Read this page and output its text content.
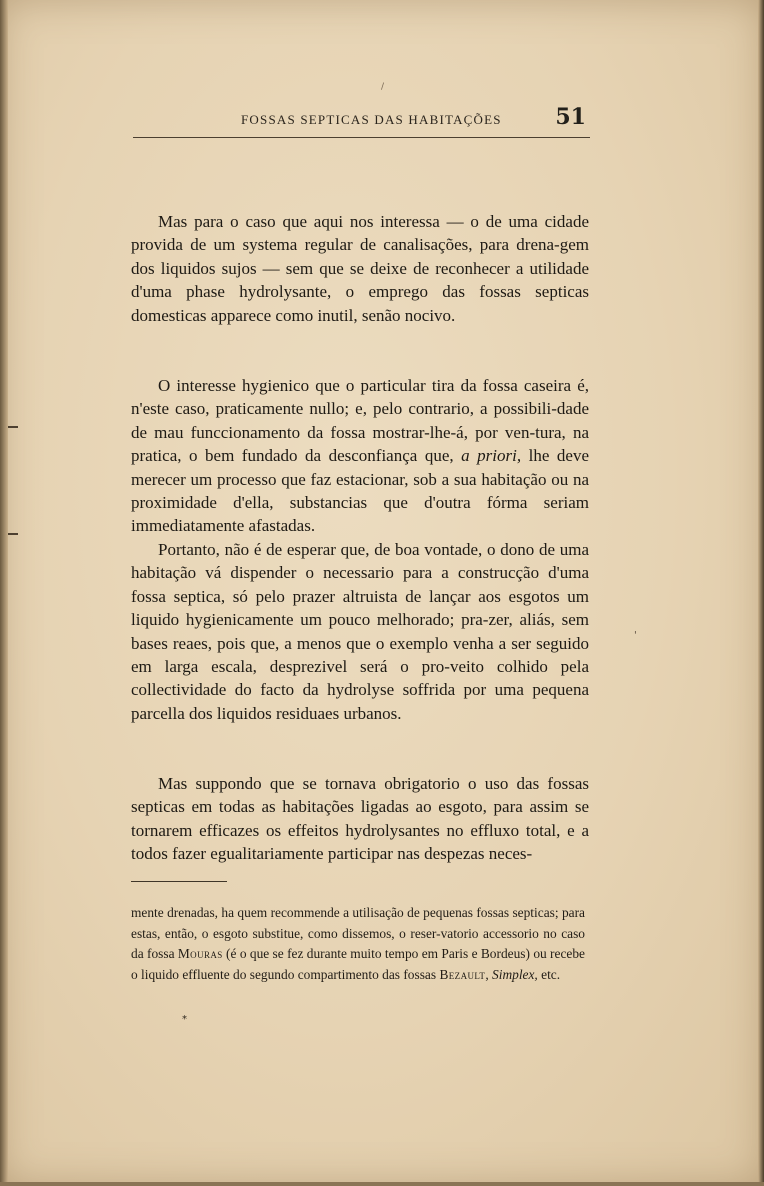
/
FOSSAS SEPTICAS DAS HABITAÇÕES 51

Mas para o caso que aqui nos interessa — o de uma cidade provida de um systema regular de canalisações, para drena-gem dos liquidos sujos — sem que se deixe de reconhecer a utilidade d'uma phase hydrolysante, o emprego das fossas septicas domesticas apparece como inutil, senão nocivo.

O interesse hygienico que o particular tira da fossa caseira é, n'este caso, praticamente nullo; e, pelo contrario, a possibili-dade de mau funccionamento da fossa mostrar-lhe-á, por ven-tura, na pratica, o bem fundado da desconfiança que, a priori, lhe deve merecer um processo que faz estacionar, sob a sua habitação ou na proximidade d'ella, substancias que d'outra fórma seriam immediatamente afastadas.

Portanto, não é de esperar que, de boa vontade, o dono de uma habitação vá dispender o necessario para a construcção d'uma fossa septica, só pelo prazer altruista de lançar aos esgotos um liquido hygienicamente um pouco melhorado; pra-zer, aliás, sem bases reaes, pois que, a menos que o exemplo venha a ser seguido em larga escala, desprezivel será o pro-veito colhido pela collectividade do facto da hydrolyse soffrida por uma pequena parcella dos liquidos residuaes urbanos.

'

Mas suppondo que se tornava obrigatorio o uso das fossas septicas em todas as habitações ligadas ao esgoto, para assim se tornarem efficazes os effeitos hydrolysantes no effluxo total, e a todos fazer egualitariamente participar nas despezas neces-

mente drenadas, ha quem recommende a utilisação de pequenas fossas septicas; para estas, então, o esgoto substitue, como dissemos, o reser-vatorio accessorio no caso da fossa Mouras (é o que se fez durante muito tempo em Paris e Bordeus) ou recebe o liquido effluente do segundo compartimento das fossas Bezault, Simplex, etc.

*
